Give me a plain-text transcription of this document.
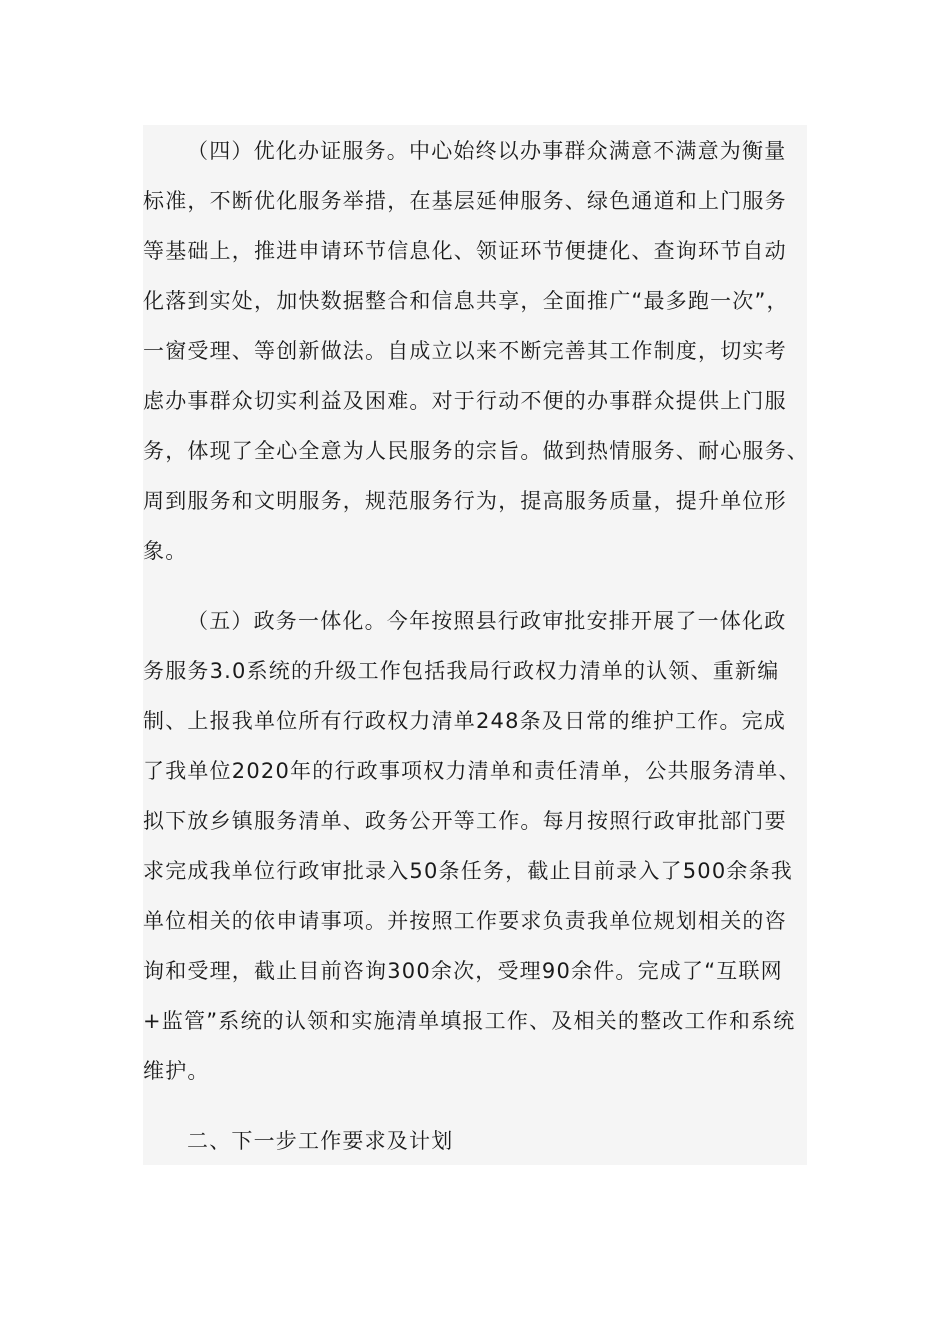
（四）优化办证服务。中心始终以办事群众满意不满意为衡量
标准，不断优化服务举措，在基层延伸服务、绿色通道和上门服务
等基础上，推进申请环节信息化、领证环节便捷化、查询环节自动
化落到实处，加快数据整合和信息共享，全面推广“最多跑一次”，
一窗受理、等创新做法。自成立以来不断完善其工作制度，切实考
虑办事群众切实利益及困难。对于行动不便的办事群众提供上门服
务，体现了全心全意为人民服务的宗旨。做到热情服务、耐心服务、
周到服务和文明服务，规范服务行为，提高服务质量，提升单位形
象。
（五）政务一体化。今年按照县行政审批安排开展了一体化政
务服务3.0系统的升级工作包括我局行政权力清单的认领、重新编
制、上报我单位所有行政权力清单248条及日常的维护工作。完成
了我单位2020年的行政事项权力清单和责任清单，公共服务清单、
拟下放乡镇服务清单、政务公开等工作。每月按照行政审批部门要
求完成我单位行政审批录入50条任务，截止目前录入了500余条我
单位相关的依申请事项。并按照工作要求负责我单位规划相关的咨
询和受理，截止目前咨询300余次，受理90余件。完成了“互联网
+监管”系统的认领和实施清单填报工作、及相关的整改工作和系统
维护。
二、下一步工作要求及计划
